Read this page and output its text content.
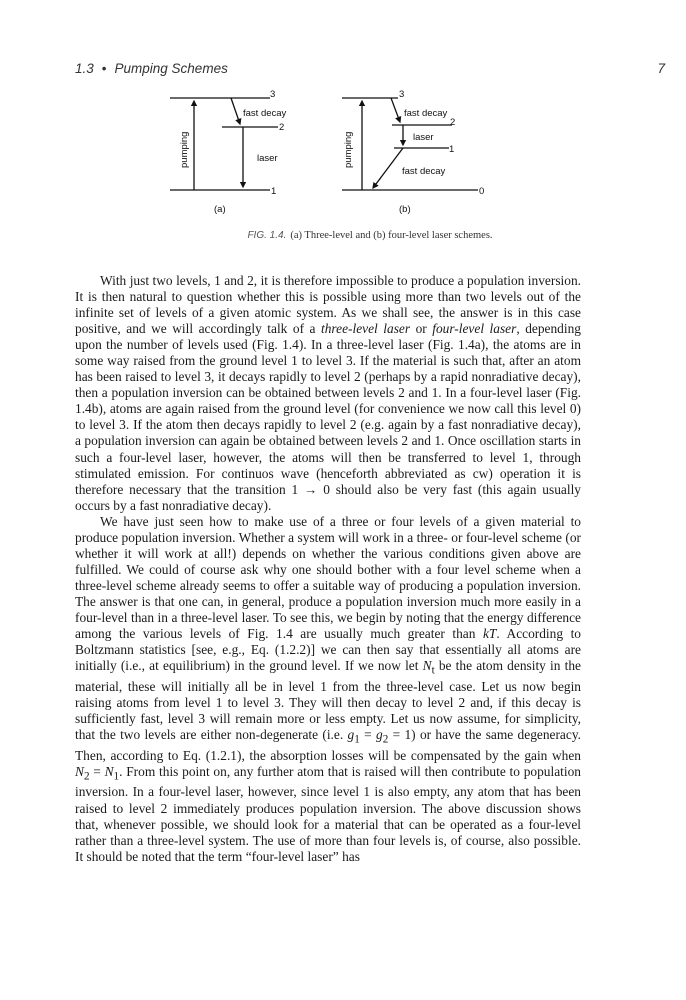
1.3 • Pumping Schemes	7
3
2
1
pumping
fast decay
laser
(a)
3
2
1
0
pumping
fast decay
laser
fast decay
(b)
FIG. 1.4. (a) Three-level and (b) four-level laser schemes.

With just two levels, 1 and 2, it is therefore impossible to produce a population inversion. It is then natural to question whether this is possible using more than two levels out of the infinite set of levels of a given atomic system. As we shall see, the answer is in this case positive, and we will accordingly talk of a three-level laser or four-level laser, depending upon the number of levels used (Fig. 1.4). In a three-level laser (Fig. 1.4a), the atoms are in some way raised from the ground level 1 to level 3. If the material is such that, after an atom has been raised to level 3, it decays rapidly to level 2 (perhaps by a rapid nonradiative decay), then a population inversion can be obtained between levels 2 and 1. In a four-level laser (Fig. 1.4b), atoms are again raised from the ground level (for convenience we now call this level 0) to level 3. If the atom then decays rapidly to level 2 (e.g. again by a fast nonradiative decay), a population inversion can again be obtained between levels 2 and 1. Once oscillation starts in such a four-level laser, however, the atoms will then be transferred to level 1, through stimulated emission. For continuos wave (henceforth abbreviated as cw) operation it is therefore necessary that the transition 1 → 0 should also be very fast (this again usually occurs by a fast nonradiative decay).

We have just seen how to make use of a three or four levels of a given material to produce population inversion. Whether a system will work in a three- or four-level scheme (or whether it will work at all!) depends on whether the various conditions given above are fulfilled. We could of course ask why one should bother with a four level scheme when a three-level scheme already seems to offer a suitable way of producing a population inversion. The answer is that one can, in general, produce a population inversion much more easily in a four-level than in a three-level laser. To see this, we begin by noting that the energy difference among the various levels of Fig. 1.4 are usually much greater than kT. According to Boltzmann statistics [see, e.g., Eq. (1.2.2)] we can then say that essentially all atoms are initially (i.e., at equilibrium) in the ground level. If we now let $N_t$ be the atom density in the material, these will initially all be in level 1 from the three-level case. Let us now begin raising atoms from level 1 to level 3. They will then decay to level 2 and, if this decay is sufficiently fast, level 3 will remain more or less empty. Let us now assume, for simplicity, that the two levels are either non-degenerate (i.e. $g_1 = g_2 = 1$) or have the same degeneracy. Then, according to Eq. (1.2.1), the absorption losses will be compensated by the gain when $N_2 = N_1$. From this point on, any further atom that is raised will then contribute to population inversion. In a four-level laser, however, since level 1 is also empty, any atom that has been raised to level 2 immediately produces population inversion. The above discussion shows that, whenever possible, we should look for a material that can be operated as a four-level rather than a three-level system. The use of more than four levels is, of course, also possible. It should be noted that the term “four-level laser” has
